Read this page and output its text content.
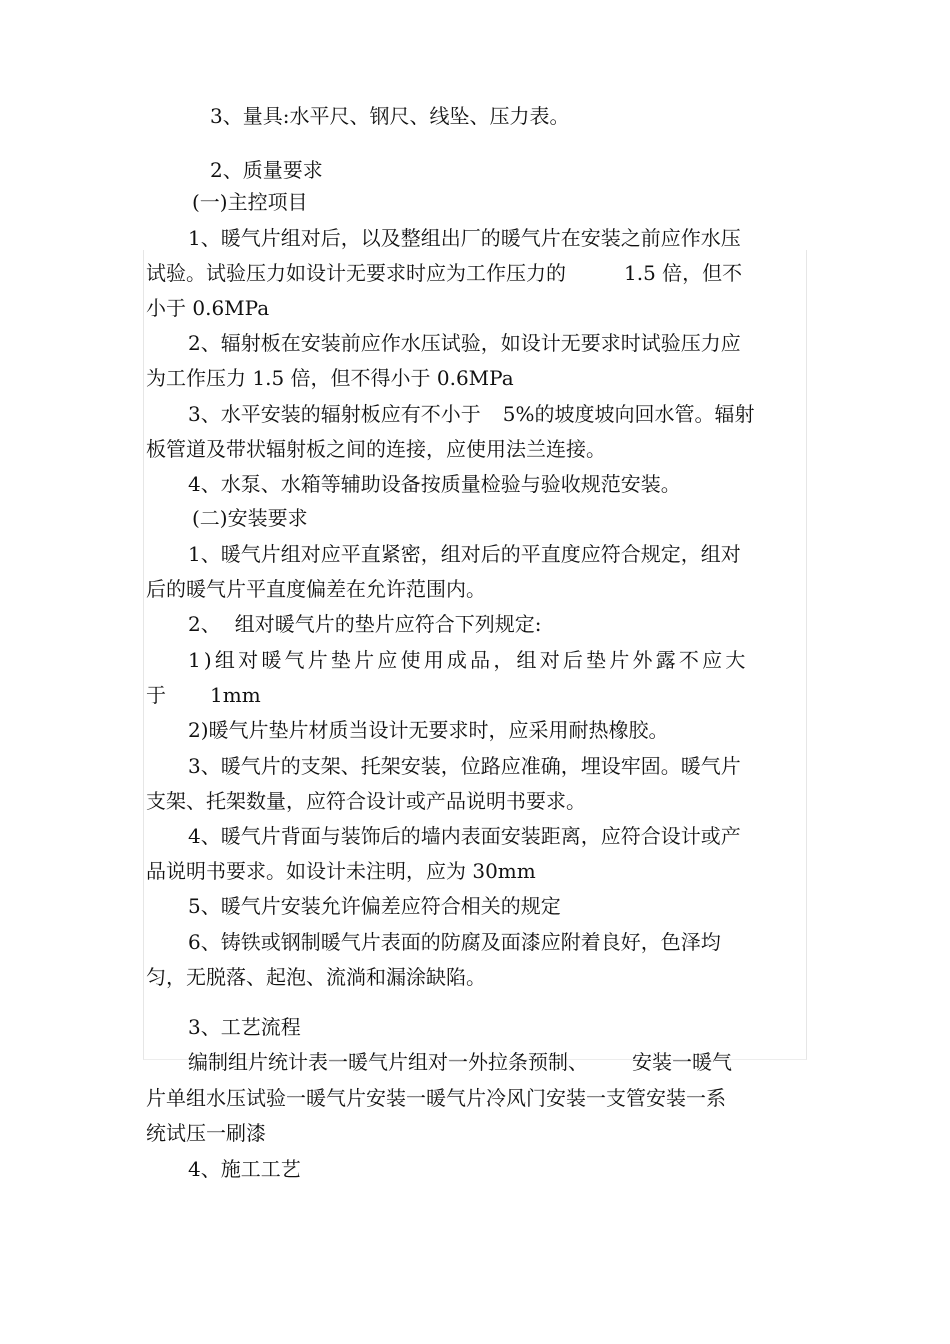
3、量具:水平尺、钢尺、线坠、压力表。
2、质量要求
(一)主控项目
1、暖气片组对后，以及整组出厂的暖气片在安装之前应作水压
试验。试验压力如设计无要求时应为工作压力的	1.5 倍，但不
小于 0.6MPa
2、辐射板在安装前应作水压试验，如设计无要求时试验压力应
为工作压力 1.5 倍，但不得小于 0.6MPa
3、水平安装的辐射板应有不小于 5%的坡度坡向回水管。辐射
板管道及带状辐射板之间的连接，应使用法兰连接。
4、水泵、水箱等辅助设备按质量检验与验收规范安装。
(二)安装要求
1、暖气片组对应平直紧密，组对后的平直度应符合规定，组对
后的暖气片平直度偏差在允许范围内。
2、 组对暖气片的垫片应符合下列规定:
1)组对暖气片垫片应使用成品，组对后垫片外露不应大
于 1mm
2)暖气片垫片材质当设计无要求时，应采用耐热橡胶。
3、暖气片的支架、托架安装，位路应准确，埋设牢固。暖气片
支架、托架数量，应符合设计或产品说明书要求。
4、暖气片背面与装饰后的墙内表面安装距离，应符合设计或产
品说明书要求。如设计未注明，应为 30mm
5、暖气片安装允许偏差应符合相关的规定
6、铸铁或钢制暖气片表面的防腐及面漆应附着良好，色泽均
匀，无脱落、起泡、流淌和漏涂缺陷。
3、工艺流程
编制组片统计表一暖气片组对一外拉条预制、 安装一暖气
片单组水压试验一暖气片安装一暖气片冷风门安装一支管安装一系
统试压一刷漆
4、施工工艺
